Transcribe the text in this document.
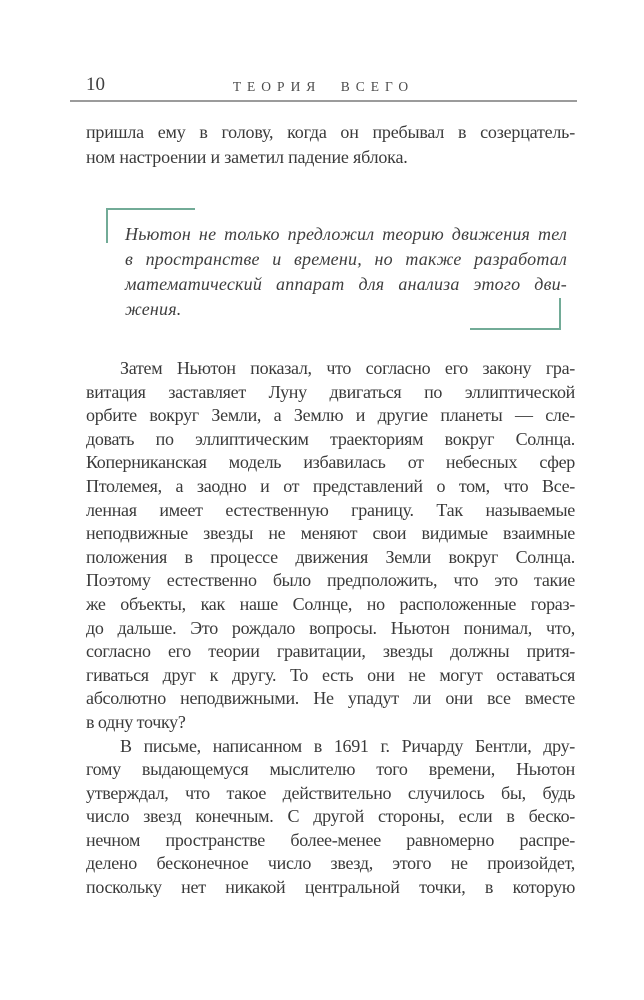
10	ТЕОРИЯ ВСЕГО
пришла ему в голову, когда он пребывал в созерцатель-
ном настроении и заметил падение яблока.
Ньютон не только предложил теорию движения тел
в пространстве и времени, но также разработал
математический аппарат для анализа этого дви-
жения.
Затем Ньютон показал, что согласно его закону гра-
витация заставляет Луну двигаться по эллиптической
орбите вокруг Земли, а Землю и другие планеты — сле-
довать по эллиптическим траекториям вокруг Солнца.
Коперниканская модель избавилась от небесных сфер
Птолемея, а заодно и от представлений о том, что Все-
ленная имеет естественную границу. Так называемые
неподвижные звезды не меняют свои видимые взаимные
положения в процессе движения Земли вокруг Солнца.
Поэтому естественно было предположить, что это такие
же объекты, как наше Солнце, но расположенные гораз-
до дальше. Это рождало вопросы. Ньютон понимал, что,
согласно его теории гравитации, звезды должны притя-
гиваться друг к другу. То есть они не могут оставаться
абсолютно неподвижными. Не упадут ли они все вместе
в одну точку?
В письме, написанном в 1691 г. Ричарду Бентли, дру-
гому выдающемуся мыслителю того времени, Ньютон
утверждал, что такое действительно случилось бы, будь
число звезд конечным. С другой стороны, если в беско-
нечном пространстве более-менее равномерно распре-
делено бесконечное число звезд, этого не произойдет,
поскольку нет никакой центральной точки, в которую
